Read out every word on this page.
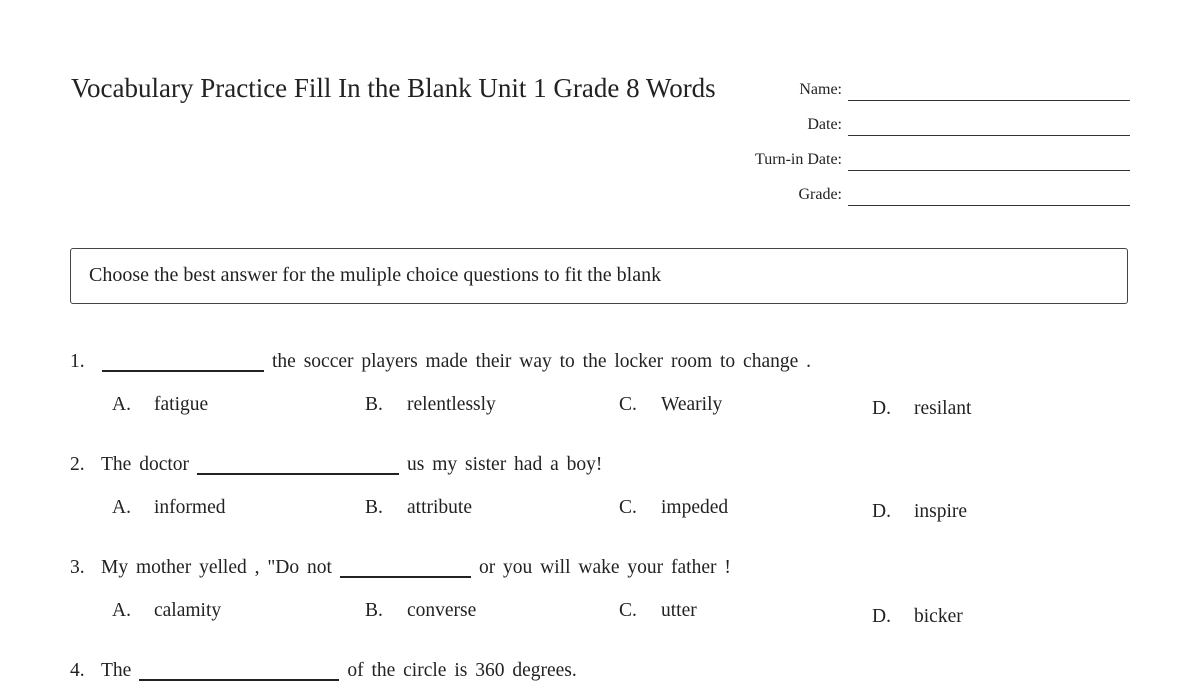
Vocabulary Practice Fill In the Blank Unit 1 Grade 8 Words	Name:
Date:
Turn-in Date:
Grade:
Choose the best answer for the muliple choice questions to fit the blank
1.	the soccer players made their way to the locker room to change .
A. fatigue	B. relentlessly	C. Wearily	D. resilant
2. The doctor	us my sister had a boy!
A. informed	B. attribute	C. impeded	D. inspire
3. My mother yelled , "Do not	or you will wake your father !
A. calamity	B. converse	C. utter	D. bicker
4. The	of the circle is 360 degrees.
